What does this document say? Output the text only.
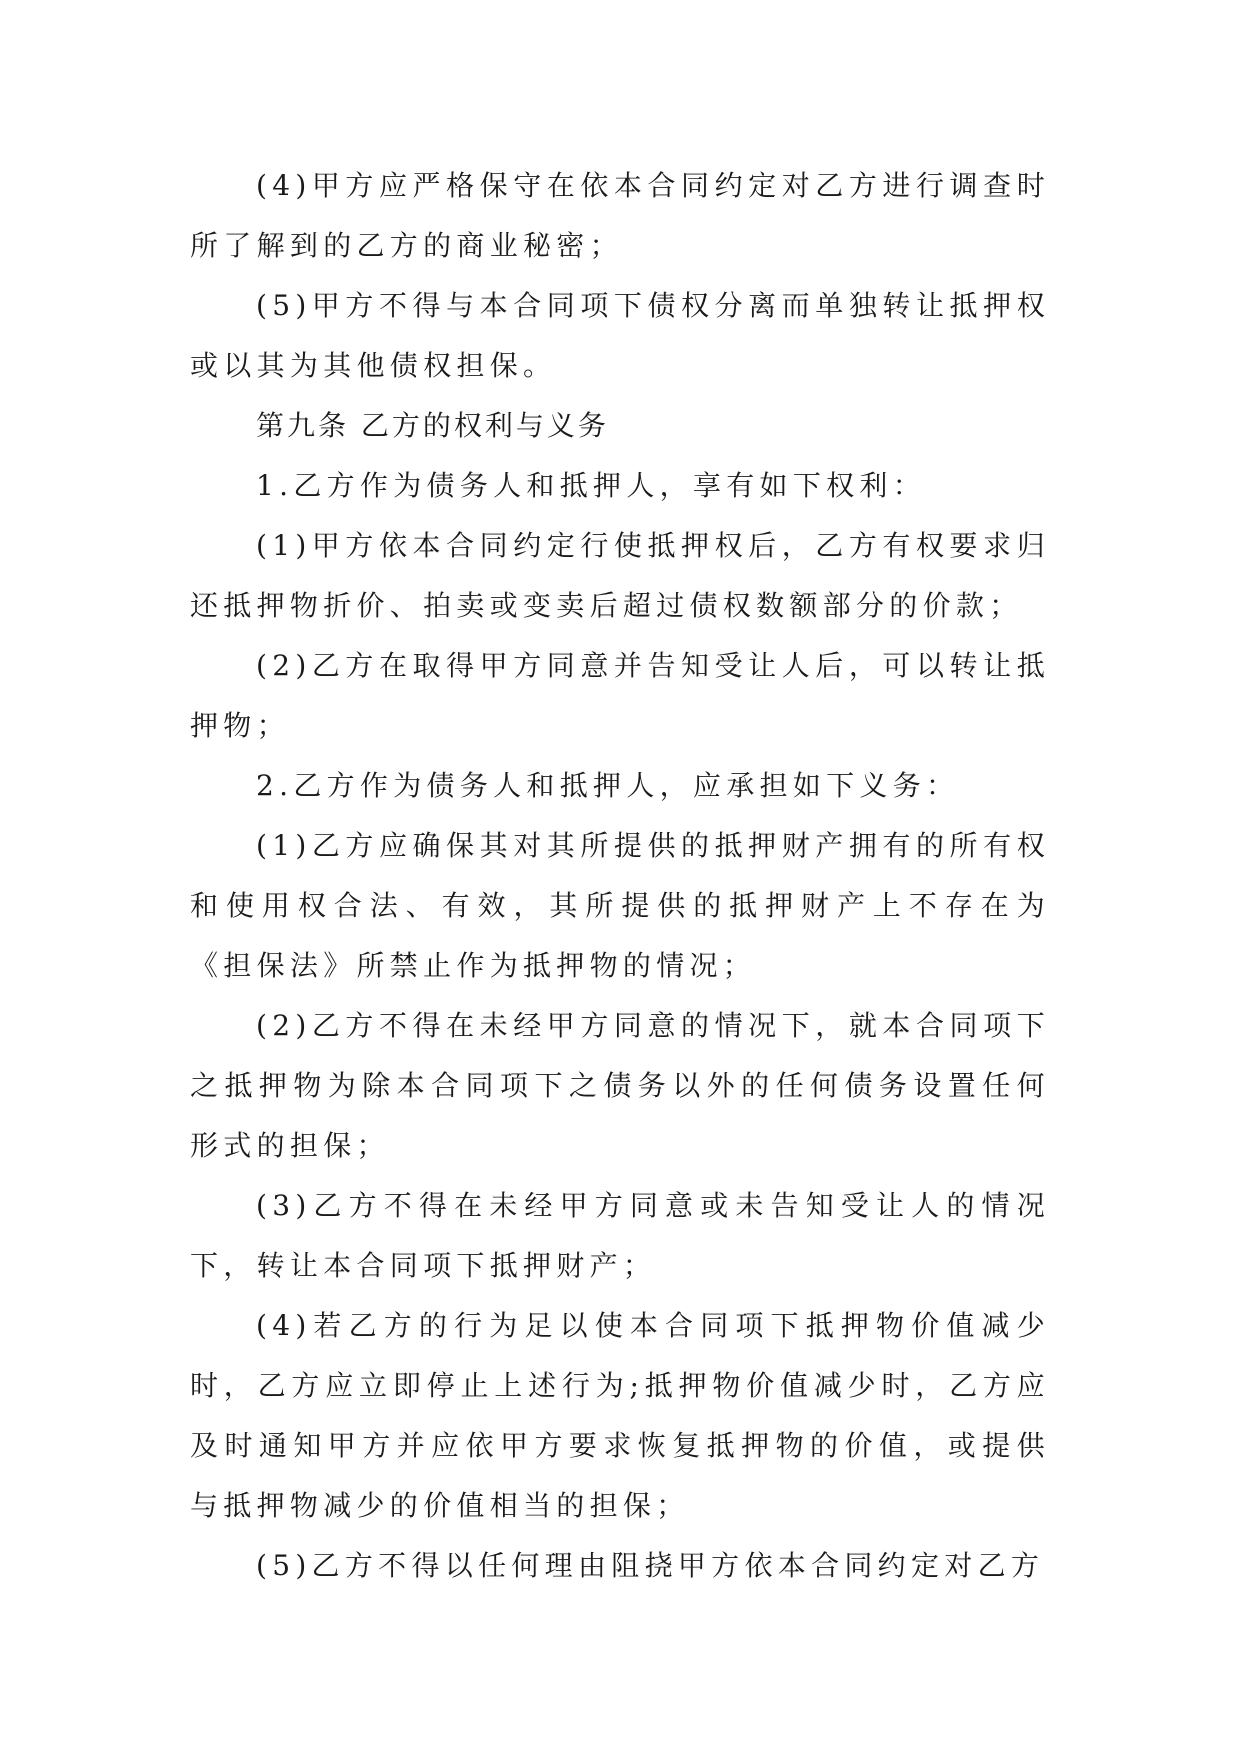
(4)甲方应严格保守在依本合同约定对乙方进行调查时所了解到的乙方的商业秘密；

(5)甲方不得与本合同项下债权分离而单独转让抵押权或以其为其他债权担保。

第九条 乙方的权利与义务

1.乙方作为债务人和抵押人，享有如下权利：

(1)甲方依本合同约定行使抵押权后，乙方有权要求归还抵押物折价、拍卖或变卖后超过债权数额部分的价款；

(2)乙方在取得甲方同意并告知受让人后，可以转让抵押物；

2.乙方作为债务人和抵押人，应承担如下义务：

(1)乙方应确保其对其所提供的抵押财产拥有的所有权和使用权合法、有效，其所提供的抵押财产上不存在为《担保法》所禁止作为抵押物的情况；

(2)乙方不得在未经甲方同意的情况下，就本合同项下之抵押物为除本合同项下之债务以外的任何债务设置任何形式的担保；

(3)乙方不得在未经甲方同意或未告知受让人的情况下，转让本合同项下抵押财产；

(4)若乙方的行为足以使本合同项下抵押物价值减少时，乙方应立即停止上述行为;抵押物价值减少时，乙方应及时通知甲方并应依甲方要求恢复抵押物的价值，或提供与抵押物减少的价值相当的担保；

(5)乙方不得以任何理由阻挠甲方依本合同约定对乙方
